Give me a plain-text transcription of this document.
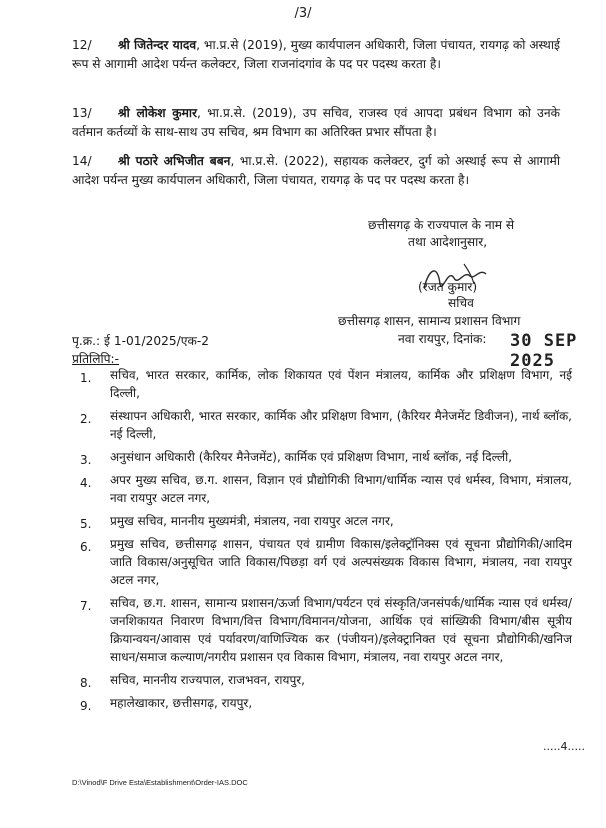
/3/
12/ श्री जितेन्दर यादव, भा.प्र.से (2019), मुख्य कार्यपालन अधिकारी, जिला पंचायत, रायगढ़ को अस्थाई रूप से आगामी आदेश पर्यन्त कलेक्टर, जिला राजनांदगांव के पद पर पदस्थ करता है।
13/ श्री लोकेश कुमार, भा.प्र.से. (2019), उप सचिव, राजस्व एवं आपदा प्रबंधन विभाग को उनके वर्तमान कर्तव्यों के साथ-साथ उप सचिव, श्रम विभाग का अतिरिक्त प्रभार सौंपता है।
14/ श्री पठारे अभिजीत बबन, भा.प्र.से. (2022), सहायक कलेक्टर, दुर्ग को अस्थाई रूप से आगामी आदेश पर्यन्त मुख्य कार्यपालन अधिकारी, जिला पंचायत, रायगढ़ के पद पर पदस्थ करता है।
छत्तीसगढ़ के राज्यपाल के नाम से
तथा आदेशानुसार,
(रजत कुमार)
सचिव
छत्तीसगढ़ शासन, सामान्य प्रशासन विभाग
नवा रायपुर, दिनांक:
पृ.क्र.: ई 1-01/2025/एक-2	30 SEP 2025
प्रतिलिपि:-
1. सचिव, भारत सरकार, कार्मिक, लोक शिकायत एवं पेंशन मंत्रालय, कार्मिक और प्रशिक्षण विभाग, नई दिल्ली,
2. संस्थापन अधिकारी, भारत सरकार, कार्मिक और प्रशिक्षण विभाग, (कैरियर मैनेजमेंट डिवीजन), नार्थ ब्लॉक, नई दिल्ली,
3. अनुसंधान अधिकारी (कैरियर मैनेजमेंट), कार्मिक एवं प्रशिक्षण विभाग, नार्थ ब्लॉक, नई दिल्ली,
4. अपर मुख्य सचिव, छ.ग. शासन, विज्ञान एवं प्रौद्योगिकी विभाग/धार्मिक न्यास एवं धर्मस्व, विभाग, मंत्रालय, नवा रायपुर अटल नगर,
5. प्रमुख सचिव, माननीय मुख्यमंत्री, मंत्रालय, नवा रायपुर अटल नगर,
6. प्रमुख सचिव, छत्तीसगढ़ शासन, पंचायत एवं ग्रामीण विकास/इलेक्ट्रॉनिक्स एवं सूचना प्रौद्योगिकी/आदिम जाति विकास/अनुसूचित जाति विकास/पिछड़ा वर्ग एवं अल्पसंख्यक विकास विभाग, मंत्रालय, नवा रायपुर अटल नगर,
7. सचिव, छ.ग. शासन, सामान्य प्रशासन/ऊर्जा विभाग/पर्यटन एवं संस्कृति/जनसंपर्क/धार्मिक न्यास एवं धर्मस्व/जनशिकायत निवारण विभाग/वित्त विभाग/विमानन/योजना, आर्थिक एवं सांख्यिकी विभाग/बीस सूत्रीय क्रियान्वयन/आवास एवं पर्यावरण/वाणिज्यिक कर (पंजीयन)/इलेक्ट्रानिक्त एवं सूचना प्रौद्योगिकी/खनिज साधन/समाज कल्याण/नगरीय प्रशासन एव विकास विभाग, मंत्रालय, नवा रायपुर अटल नगर,
8. सचिव, माननीय राज्यपाल, राजभवन, रायपुर,
9. महालेखाकार, छत्तीसगढ़, रायपुर,
.....4.....
D:\Vinod\F Drive Esta\Establishment\Order-IAS.DOC
